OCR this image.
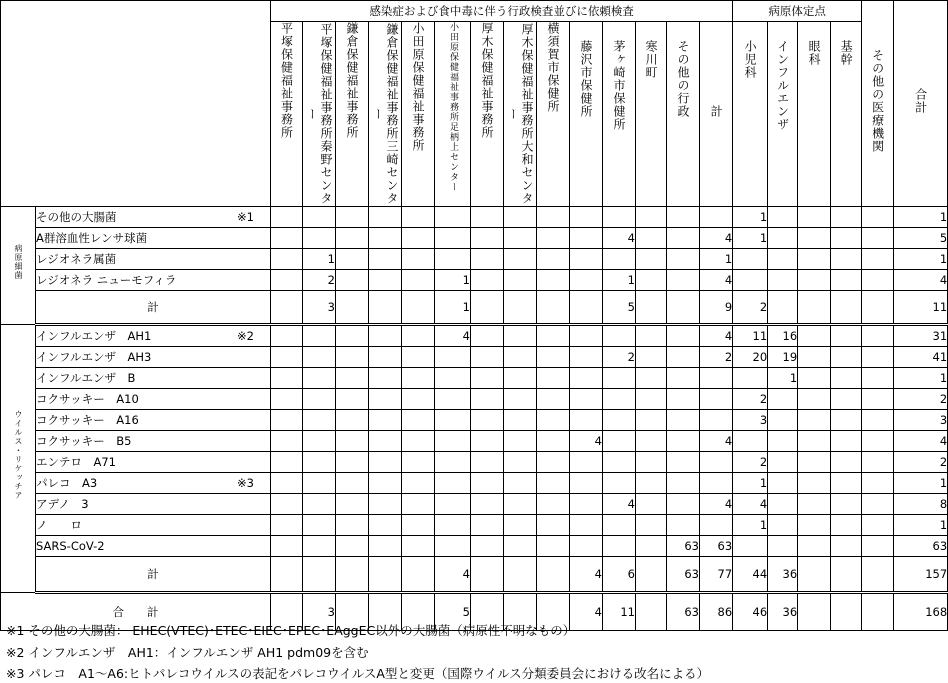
		感染症および食中毒に伴う行政検査並びに依頼検査														病原体定点				その他の医療機関	合計
		平塚保健福祉事務所	平塚保健福祉事務所秦野センター	鎌倉保健福祉事務所	鎌倉保健福祉事務所三崎センター	小田原保健福祉事務所	小田原保健福祉事務所足柄上センター	厚木保健福祉事務所	厚木保健福祉事務所大和センター	横須賀市保健所	藤沢市保健所	茅ヶ崎市保健所	寒川町	その他の行政	計	小児科	インフルエンザ	眼科	基幹		
病原細菌	その他の大腸菌 ※1															1					1
	A群溶血性レンサ球菌											4			4	1					5
	レジオネラ属菌		1												1						1
	レジオネラ ニューモフィラ		2				1					1			4						4
	計		3				1					5			9	2					11
ウイルス・リケッチア	インフルエンザ　AH1 ※2						4								4	11	16				31
	インフルエンザ　AH3											2			2	20	19				41
	インフルエンザ　B																1				1
	コクサッキー　A10															2					2
	コクサッキー　A16															3					3
	コクサッキー　B5										4				4						4
	エンテロ　A71															2					2
	パレコ　A3 ※3															1					1
	アデノ　3											4			4	4					8
	ノ　　ロ															1					1
	SARS-CoV-2													63	63						63
	計						4				4	6		63	77	44	36				157
合　　計			3				5				4	11		63	86	46	36				168
※1 その他の大腸菌： EHEC(VTEC)･ETEC･EIEC･EPEC･EAggEC以外の大腸菌（病原性不明なもの）
※2 インフルエンザ　AH1：インフルエンザ AH1 pdm09を含む
※3 パレコ　A1～A6:ヒトパレコウイルスの表記をパレコウイルスA型と変更（国際ウイルス分類委員会における改名による）
